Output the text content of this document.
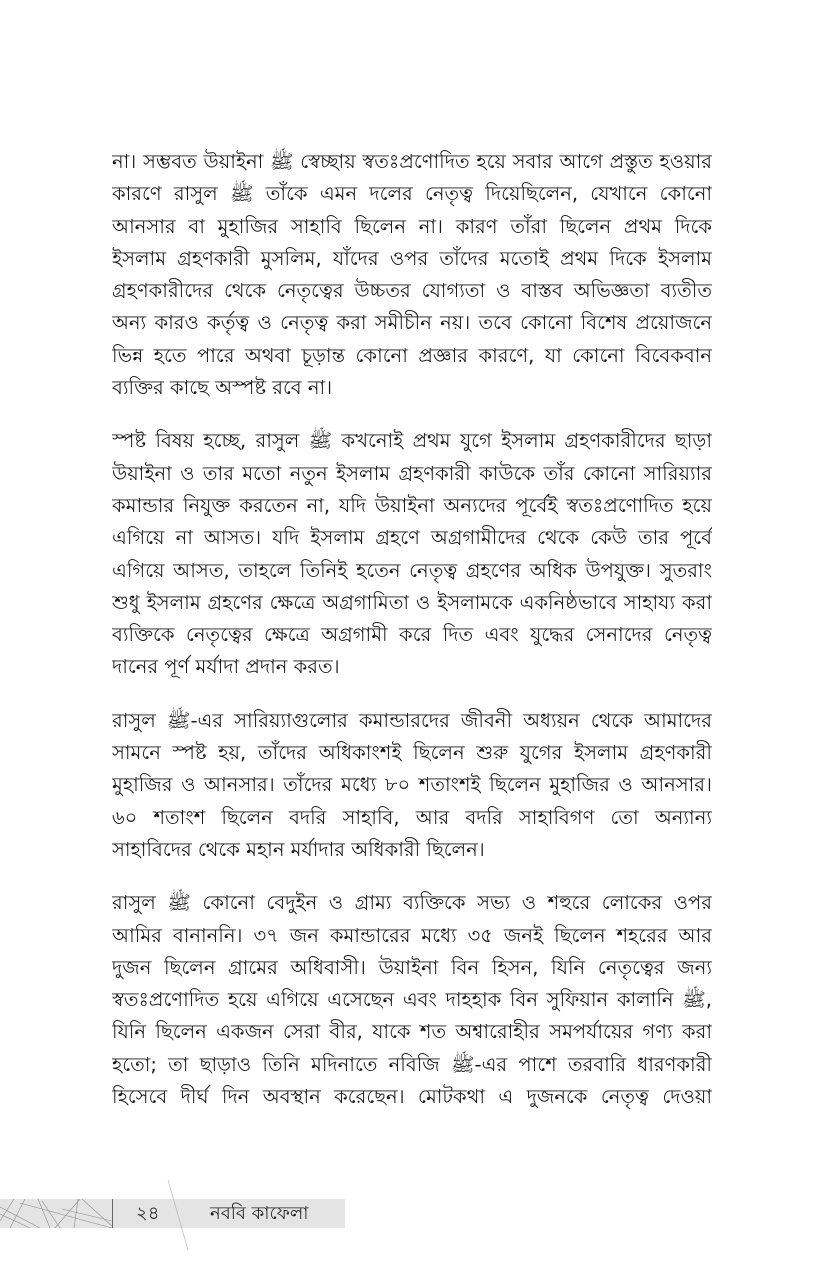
না। সম্ভবত উয়াইনা ﷺ স্বেচ্ছায় স্বতঃপ্রণোদিত হয়ে সবার আগে প্রস্তুত হওয়ার
কারণে রাসুল ﷺ তাঁকে এমন দলের নেতৃত্ব দিয়েছিলেন, যেখানে কোনো
আনসার বা মুহাজির সাহাবি ছিলেন না। কারণ তাঁরা ছিলেন প্রথম দিকে
ইসলাম গ্রহণকারী মুসলিম, যাঁদের ওপর তাঁদের মতোই প্রথম দিকে ইসলাম
গ্রহণকারীদের থেকে নেতৃত্বের উচ্চতর যোগ্যতা ও বাস্তব অভিজ্ঞতা ব্যতীত
অন্য কারও কর্তৃত্ব ও নেতৃত্ব করা সমীচীন নয়। তবে কোনো বিশেষ প্রয়োজনে
ভিন্ন হতে পারে অথবা চূড়ান্ত কোনো প্রজ্ঞার কারণে, যা কোনো বিবেকবান
ব্যক্তির কাছে অস্পষ্ট রবে না।

স্পষ্ট বিষয় হচ্ছে, রাসুল ﷺ কখনোই প্রথম যুগে ইসলাম গ্রহণকারীদের ছাড়া
উয়াইনা ও তার মতো নতুন ইসলাম গ্রহণকারী কাউকে তাঁর কোনো সারিয়্যার
কমান্ডার নিযুক্ত করতেন না, যদি উয়াইনা অন্যদের পূর্বেই স্বতঃপ্রণোদিত হয়ে
এগিয়ে না আসত। যদি ইসলাম গ্রহণে অগ্রগামীদের থেকে কেউ তার পূর্বে
এগিয়ে আসত, তাহলে তিনিই হতেন নেতৃত্ব গ্রহণের অধিক উপযুক্ত। সুতরাং
শুধু ইসলাম গ্রহণের ক্ষেত্রে অগ্রগামিতা ও ইসলামকে একনিষ্ঠভাবে সাহায্য করা
ব্যক্তিকে নেতৃত্বের ক্ষেত্রে অগ্রগামী করে দিত এবং যুদ্ধের সেনাদের নেতৃত্ব
দানের পূর্ণ মর্যাদা প্রদান করত।

রাসুল ﷺ-এর সারিয়্যাগুলোর কমান্ডারদের জীবনী অধ্যয়ন থেকে আমাদের
সামনে স্পষ্ট হয়, তাঁদের অধিকাংশই ছিলেন শুরু যুগের ইসলাম গ্রহণকারী
মুহাজির ও আনসার। তাঁদের মধ্যে ৮০ শতাংশই ছিলেন মুহাজির ও আনসার।
৬০ শতাংশ ছিলেন বদরি সাহাবি, আর বদরি সাহাবিগণ তো অন্যান্য
সাহাবিদের থেকে মহান মর্যাদার অধিকারী ছিলেন।

রাসুল ﷺ কোনো বেদুইন ও গ্রাম্য ব্যক্তিকে সভ্য ও শহুরে লোকের ওপর
আমির বানাননি। ৩৭ জন কমান্ডারের মধ্যে ৩৫ জনই ছিলেন শহরের আর
দুজন ছিলেন গ্রামের অধিবাসী। উয়াইনা বিন হিসন, যিনি নেতৃত্বের জন্য
স্বতঃপ্রণোদিত হয়ে এগিয়ে এসেছেন এবং দাহহাক বিন সুফিয়ান কালানি ﷺ,
যিনি ছিলেন একজন সেরা বীর, যাকে শত অশ্বারোহীর সমপর্যায়ের গণ্য করা
হতো; তা ছাড়াও তিনি মদিনাতে নবিজি ﷺ-এর পাশে তরবারি ধারণকারী
হিসেবে দীর্ঘ দিন অবস্থান করেছেন। মোটকথা এ দুজনকে নেতৃত্ব দেওয়া

২৪	নববি কাফেলা
